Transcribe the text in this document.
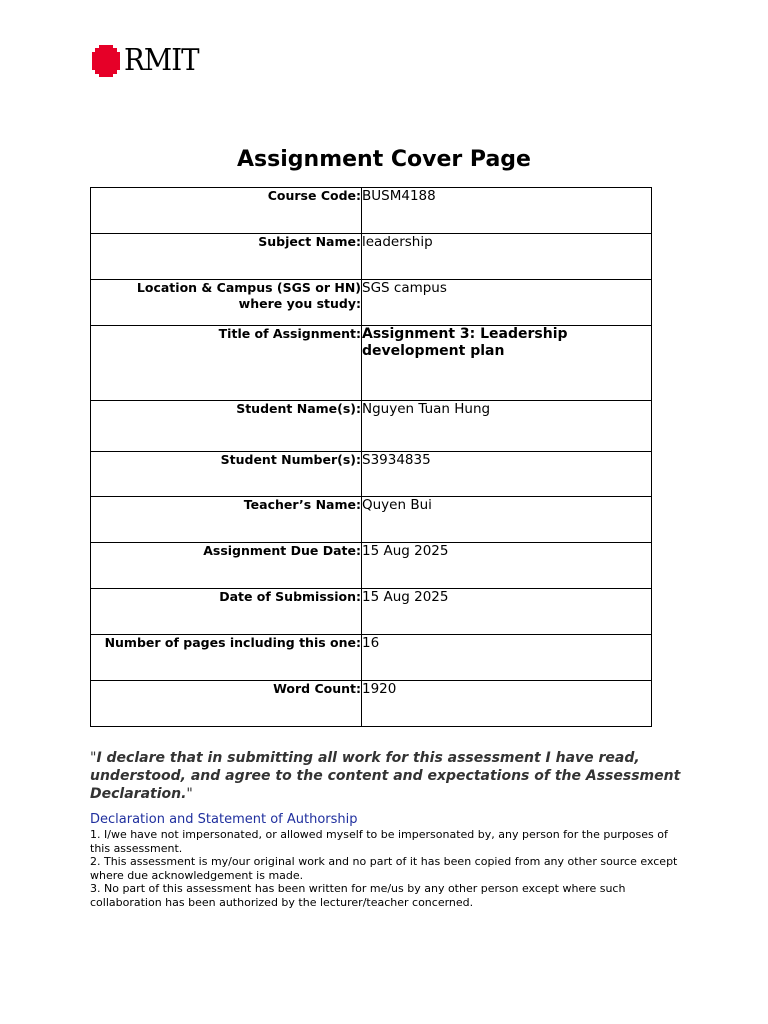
RMIT
Assignment Cover Page
Course Code:	BUSM4188
Subject Name:	leadership
Location & Campus (SGS or HN) where you study:	SGS campus
Title of Assignment:	Assignment 3: Leadership development plan
Student Name(s):	Nguyen Tuan Hung
Student Number(s):	S3934835
Teacher’s Name:	Quyen Bui
Assignment Due Date:	15 Aug 2025
Date of Submission:	15 Aug 2025
Number of pages including this one:	16
Word Count:	1920
"I declare that in submitting all work for this assessment I have read, understood, and agree to the content and expectations of the Assessment Declaration."
Declaration and Statement of Authorship
1. I/we have not impersonated, or allowed myself to be impersonated by, any person for the purposes of this assessment.
2. This assessment is my/our original work and no part of it has been copied from any other source except where due acknowledgement is made.
3. No part of this assessment has been written for me/us by any other person except where such collaboration has been authorized by the lecturer/teacher concerned.
